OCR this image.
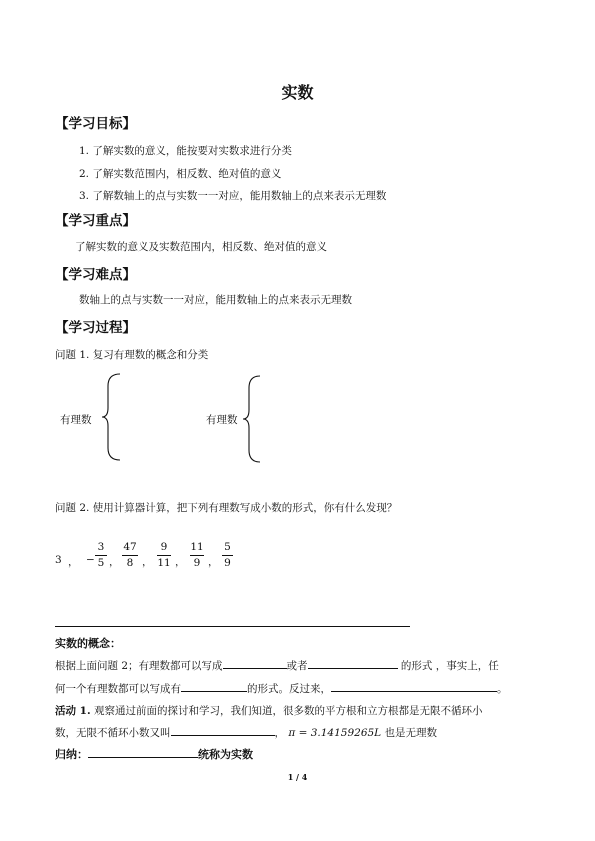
实数
【学习目标】
1. 了解实数的意义，能按要对实数求进行分类
2. 了解实数范围内，相反数、绝对值的意义
3. 了解数轴上的点与实数一一对应，能用数轴上的点来表示无理数
【学习重点】
了解实数的意义及实数范围内，相反数、绝对值的意义
【学习难点】
数轴上的点与实数一一对应，能用数轴上的点来表示无理数
【学习过程】
问题 1. 复习有理数的概念和分类
有理数	有理数
问题 2. 使用计算器计算，把下列有理数写成小数的形式，你有什么发现？
3 ， −
3
5 ，
47
8 ，
9
11 ，
11
9 ，
5
9
实数的概念：
根据上面问题 2；有理数都可以写成	或者	的形式 ，事实上，任
何一个有理数都可以写成有	的形式。反过来，	。
活动 1. 观察通过前面的探讨和学习，我们知道，很多数的平方根和立方根都是无限不循环小
数，无限不循环小数又叫	， π = 3.14159265L 也是无理数
归纳：	统称为实数
1 / 4
